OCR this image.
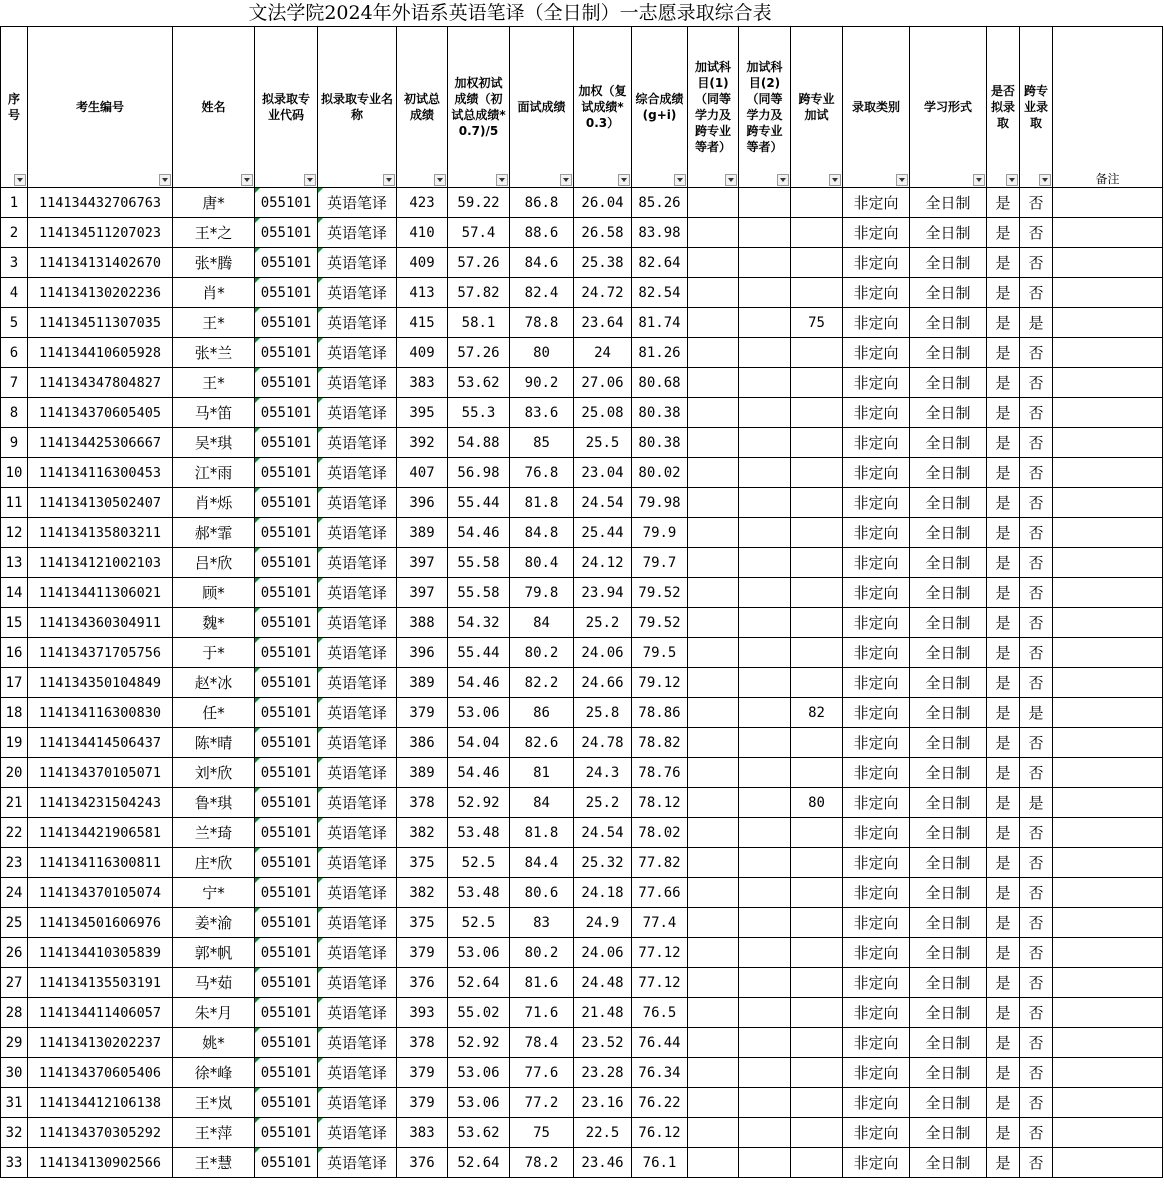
文法学院2024年外语系英语笔译（全日制）一志愿录取综合表
序号	考生编号	姓名	拟录取专业代码	拟录取专业名称	初试总成绩	加权初试成绩（初试总成绩*0.7)/5	面试成绩	加权（复试成绩*0.3）	综合成绩(g+i)	加试科目(1)（同等学力及跨专业等者）	加试科目(2)（同等学力及跨专业等者）	跨专业加试	录取类别	学习形式	是否拟录取	跨专业录取	备注

1	114134432706763	唐*	055101	英语笔译	423	59.22	86.8	26.04	85.26				非定向	全日制	是	否	
2	114134511207023	王*之	055101	英语笔译	410	57.4	88.6	26.58	83.98				非定向	全日制	是	否	
3	114134131402670	张*腾	055101	英语笔译	409	57.26	84.6	25.38	82.64				非定向	全日制	是	否	
4	114134130202236	肖*	055101	英语笔译	413	57.82	82.4	24.72	82.54				非定向	全日制	是	否	
5	114134511307035	王*	055101	英语笔译	415	58.1	78.8	23.64	81.74			75	非定向	全日制	是	是	
6	114134410605928	张*兰	055101	英语笔译	409	57.26	80	24	81.26				非定向	全日制	是	否	
7	114134347804827	王*	055101	英语笔译	383	53.62	90.2	27.06	80.68				非定向	全日制	是	否	
8	114134370605405	马*笛	055101	英语笔译	395	55.3	83.6	25.08	80.38				非定向	全日制	是	否	
9	114134425306667	吴*琪	055101	英语笔译	392	54.88	85	25.5	80.38				非定向	全日制	是	否	
10	114134116300453	江*雨	055101	英语笔译	407	56.98	76.8	23.04	80.02				非定向	全日制	是	否	
11	114134130502407	肖*烁	055101	英语笔译	396	55.44	81.8	24.54	79.98				非定向	全日制	是	否	
12	114134135803211	郝*霏	055101	英语笔译	389	54.46	84.8	25.44	79.9				非定向	全日制	是	否	
13	114134121002103	吕*欣	055101	英语笔译	397	55.58	80.4	24.12	79.7				非定向	全日制	是	否	
14	114134411306021	顾*	055101	英语笔译	397	55.58	79.8	23.94	79.52				非定向	全日制	是	否	
15	114134360304911	魏*	055101	英语笔译	388	54.32	84	25.2	79.52				非定向	全日制	是	否	
16	114134371705756	于*	055101	英语笔译	396	55.44	80.2	24.06	79.5				非定向	全日制	是	否	
17	114134350104849	赵*冰	055101	英语笔译	389	54.46	82.2	24.66	79.12				非定向	全日制	是	否	
18	114134116300830	任*	055101	英语笔译	379	53.06	86	25.8	78.86			82	非定向	全日制	是	是	
19	114134414506437	陈*晴	055101	英语笔译	386	54.04	82.6	24.78	78.82				非定向	全日制	是	否	
20	114134370105071	刘*欣	055101	英语笔译	389	54.46	81	24.3	78.76				非定向	全日制	是	否	
21	114134231504243	鲁*琪	055101	英语笔译	378	52.92	84	25.2	78.12			80	非定向	全日制	是	是	
22	114134421906581	兰*琦	055101	英语笔译	382	53.48	81.8	24.54	78.02				非定向	全日制	是	否	
23	114134116300811	庄*欣	055101	英语笔译	375	52.5	84.4	25.32	77.82				非定向	全日制	是	否	
24	114134370105074	宁*	055101	英语笔译	382	53.48	80.6	24.18	77.66				非定向	全日制	是	否	
25	114134501606976	姜*渝	055101	英语笔译	375	52.5	83	24.9	77.4				非定向	全日制	是	否	
26	114134410305839	郭*帆	055101	英语笔译	379	53.06	80.2	24.06	77.12				非定向	全日制	是	否	
27	114134135503191	马*茹	055101	英语笔译	376	52.64	81.6	24.48	77.12				非定向	全日制	是	否	
28	114134411406057	朱*月	055101	英语笔译	393	55.02	71.6	21.48	76.5				非定向	全日制	是	否	
29	114134130202237	姚*	055101	英语笔译	378	52.92	78.4	23.52	76.44				非定向	全日制	是	否	
30	114134370605406	徐*峰	055101	英语笔译	379	53.06	77.6	23.28	76.34				非定向	全日制	是	否	
31	114134412106138	王*岚	055101	英语笔译	379	53.06	77.2	23.16	76.22				非定向	全日制	是	否	
32	114134370305292	王*萍	055101	英语笔译	383	53.62	75	22.5	76.12				非定向	全日制	是	否	
33	114134130902566	王*慧	055101	英语笔译	376	52.64	78.2	23.46	76.1				非定向	全日制	是	否	
